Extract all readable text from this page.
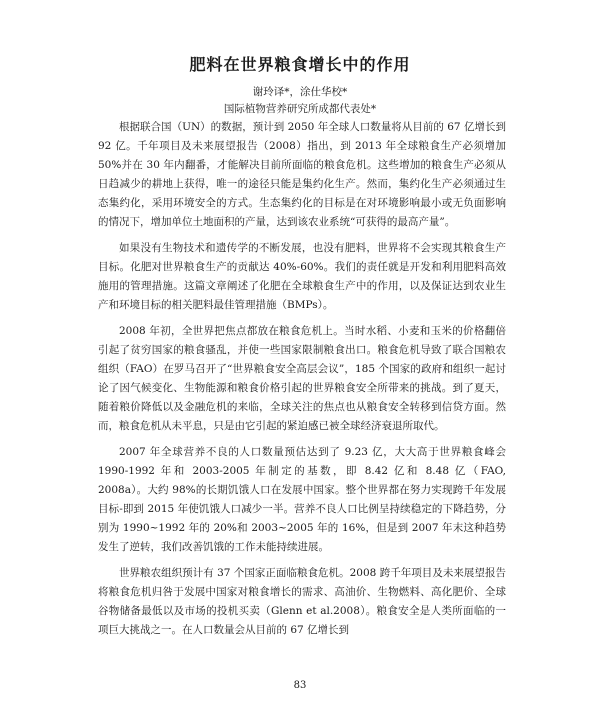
肥料在世界粮食增长中的作用
谢玲译*，涂仕华校*
国际植物营养研究所成都代表处*

根据联合国（UN）的数据，预计到 2050 年全球人口数量将从目前的 67 亿增长到 92 亿。千年项目及未来展望报告（2008）指出，到 2013 年全球粮食生产必须增加 50%并在 30 年内翻番，才能解决目前所面临的粮食危机。这些增加的粮食生产必须从日趋减少的耕地上获得，唯一的途径只能是集约化生产。然而，集约化生产必须通过生态集约化，采用环境安全的方式。生态集约化的目标是在对环境影响最小或无负面影响的情况下，增加单位土地面积的产量，达到该农业系统“可获得的最高产量”。

如果没有生物技术和遗传学的不断发展，也没有肥料，世界将不会实现其粮食生产目标。化肥对世界粮食生产的贡献达 40%-60%。我们的责任就是开发和利用肥料高效施用的管理措施。这篇文章阐述了化肥在全球粮食生产中的作用，以及保证达到农业生产和环境目标的相关肥料最佳管理措施（BMPs）。

2008 年初，全世界把焦点都放在粮食危机上。当时水稻、小麦和玉米的价格翻倍引起了贫穷国家的粮食骚乱，并使一些国家限制粮食出口。粮食危机导致了联合国粮农组织（FAO）在罗马召开了“世界粮食安全高层会议”，185 个国家的政府和组织一起讨论了因气候变化、生物能源和粮食价格引起的世界粮食安全所带来的挑战。到了夏天，随着粮价降低以及金融危机的来临，全球关注的焦点也从粮食安全转移到信贷方面。然而，粮食危机从未平息，只是由它引起的紧迫感已被全球经济衰退所取代。

2007 年全球营养不良的人口数量预估达到了 9.23 亿，大大高于世界粮食峰会 1990-1992 年和 2003-2005 年制定的基数，即 8.42 亿和 8.48 亿（FAO, 2008a）。大约 98%的长期饥饿人口在发展中国家。整个世界都在努力实现跨千年发展目标-即到 2015 年使饥饿人口减少一半。营养不良人口比例呈持续稳定的下降趋势，分别为 1990~1992 年的 20%和 2003~2005 年的 16%，但是到 2007 年末这种趋势发生了逆转，我们改善饥饿的工作未能持续进展。

世界粮农组织预计有 37 个国家正面临粮食危机。2008 跨千年项目及未来展望报告将粮食危机归咎于发展中国家对粮食增长的需求、高油价、生物燃料、高化肥价、全球谷物储备最低以及市场的投机买卖（Glenn et al.2008）。粮食安全是人类所面临的一项巨大挑战之一。在人口数量会从目前的 67 亿增长到

83
